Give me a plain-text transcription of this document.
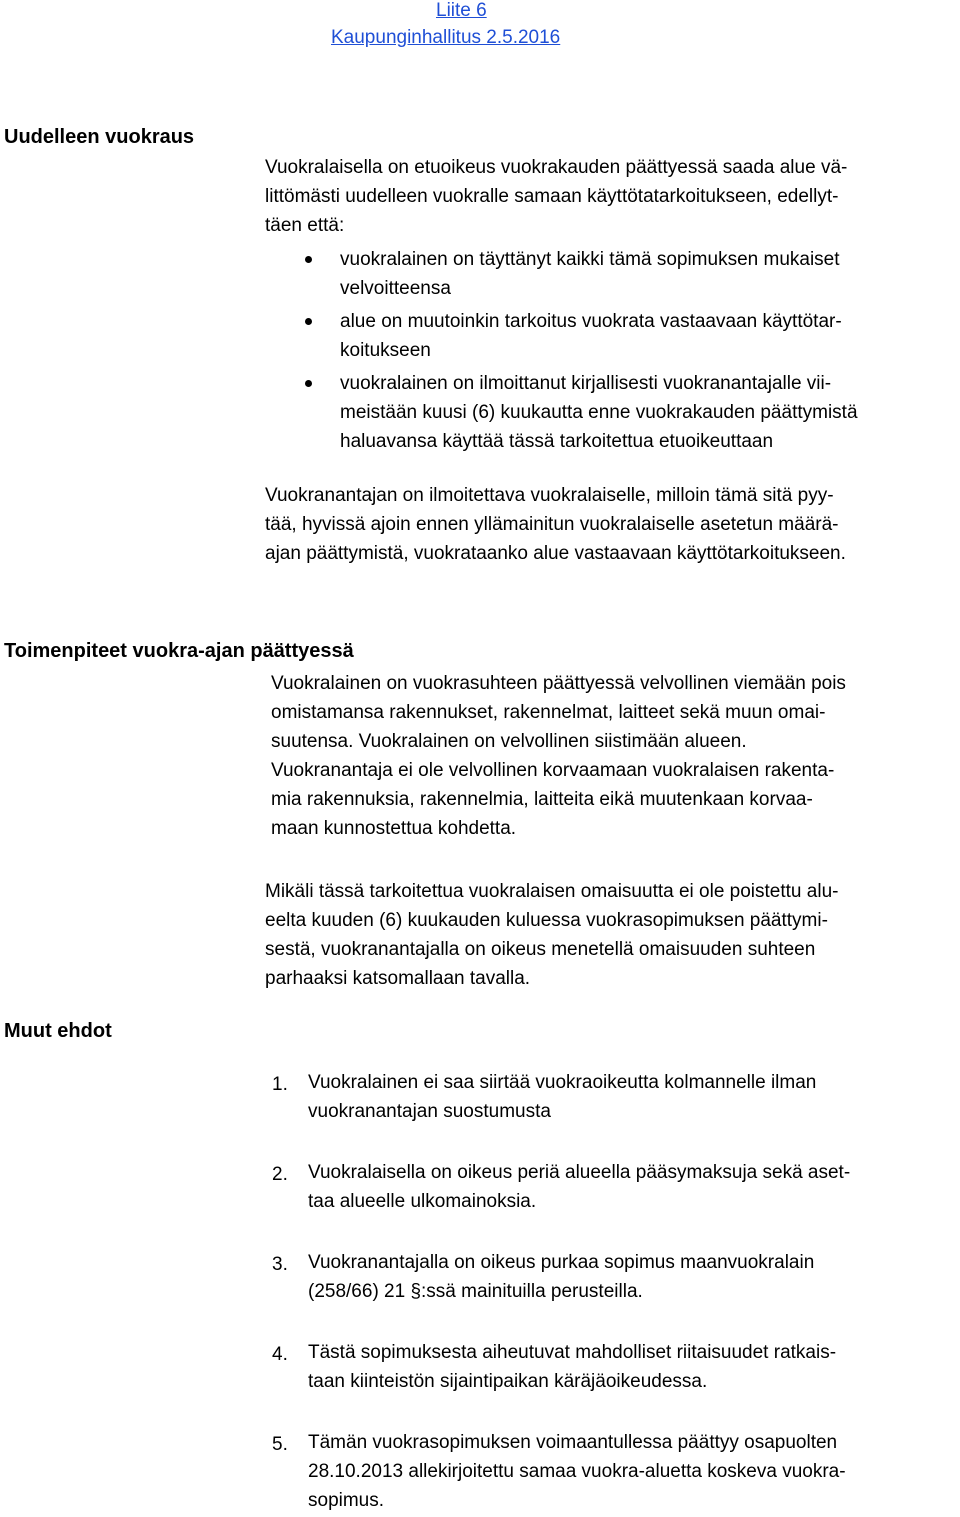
Liite 6
Kaupunginhallitus 2.5.2016
Uudelleen vuokraus
Vuokralaisella on etuoikeus vuokrakauden päättyessä saada alue vä-
littömästi uudelleen vuokralle samaan käyttötatarkoitukseen, edellyt-
täen että:
vuokralainen on täyttänyt kaikki tämä sopimuksen mukaiset
velvoitteensa
alue on muutoinkin tarkoitus vuokrata vastaavaan käyttötar-
koitukseen
vuokralainen on ilmoittanut kirjallisesti vuokranantajalle vii-
meistään kuusi (6) kuukautta enne vuokrakauden päättymistä
haluavansa käyttää tässä tarkoitettua etuoikeuttaan
Vuokranantajan on ilmoitettava vuokralaiselle, milloin tämä sitä pyy-
tää, hyvissä ajoin ennen yllämainitun vuokralaiselle asetetun määrä-
ajan päättymistä, vuokrataanko alue vastaavaan käyttötarkoitukseen.
Toimenpiteet vuokra-ajan päättyessä
Vuokralainen on vuokrasuhteen päättyessä velvollinen viemään pois
omistamansa rakennukset, rakennelmat, laitteet sekä muun omai-
suutensa. Vuokralainen on velvollinen siistimään alueen.
Vuokranantaja ei ole velvollinen korvaamaan vuokralaisen rakenta-
mia rakennuksia, rakennelmia, laitteita eikä muutenkaan korvaa-
maan kunnostettua kohdetta.
Mikäli tässä tarkoitettua vuokralaisen omaisuutta ei ole poistettu alu-
eelta kuuden (6) kuukauden kuluessa vuokrasopimuksen päättymi-
sestä, vuokranantajalla on oikeus menetellä omaisuuden suhteen
parhaaksi katsomallaan tavalla.
Muut ehdot
1. Vuokralainen ei saa siirtää vuokraoikeutta kolmannelle ilman
vuokranantajan suostumusta
2. Vuokralaisella on oikeus periä alueella pääsymaksuja sekä aset-
taa alueelle ulkomainoksia.
3. Vuokranantajalla on oikeus purkaa sopimus maanvuokralain
(258/66) 21 §:ssä mainituilla perusteilla.
4. Tästä sopimuksesta aiheutuvat mahdolliset riitaisuudet ratkais-
taan kiinteistön sijaintipaikan käräjäoikeudessa.
5. Tämän vuokrasopimuksen voimaantullessa päättyy osapuolten
28.10.2013 allekirjoitettu samaa vuokra-aluetta koskeva vuokra-
sopimus.
